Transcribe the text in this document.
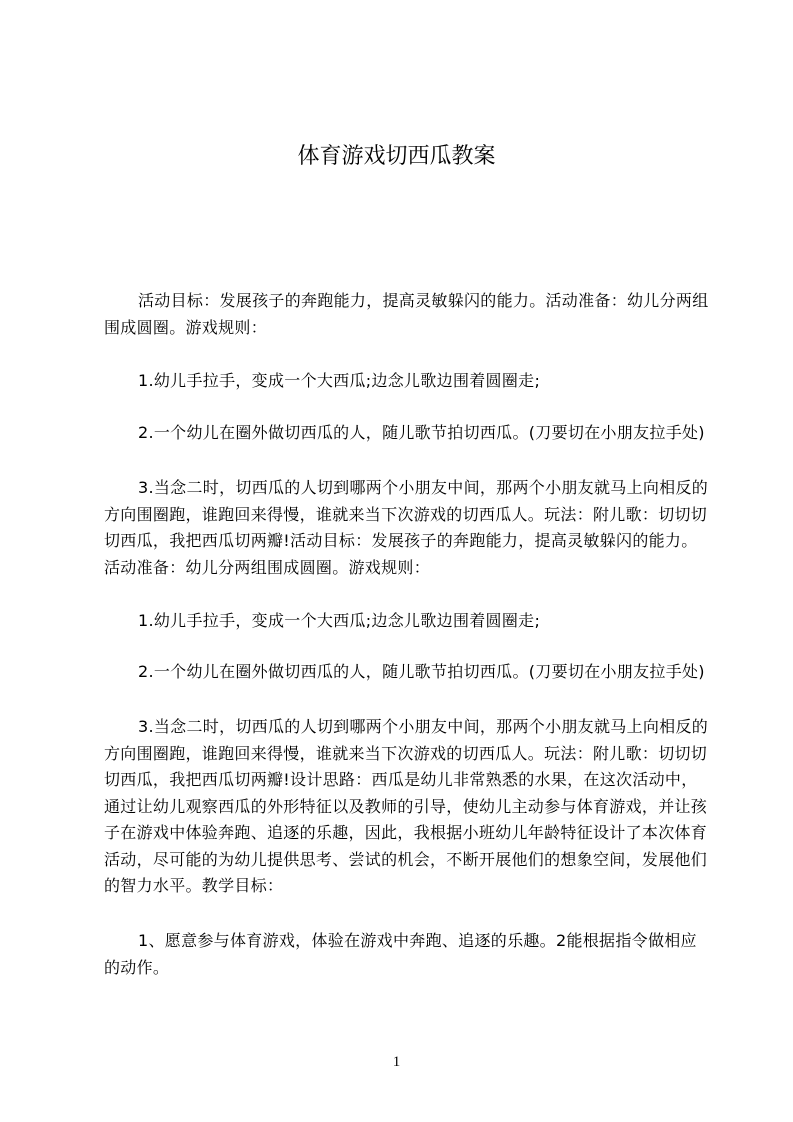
体育游戏切西瓜教案
活动目标：发展孩子的奔跑能力，提高灵敏躲闪的能力。活动准备：幼儿分两组
围成圆圈。游戏规则：
1.幼儿手拉手，变成一个大西瓜;边念儿歌边围着圆圈走;
2.一个幼儿在圈外做切西瓜的人，随儿歌节拍切西瓜。(刀要切在小朋友拉手处)
3.当念二时，切西瓜的人切到哪两个小朋友中间，那两个小朋友就马上向相反的
方向围圈跑，谁跑回来得慢，谁就来当下次游戏的切西瓜人。玩法：附儿歌：切切切
切西瓜，我把西瓜切两瓣!活动目标：发展孩子的奔跑能力，提高灵敏躲闪的能力。
活动准备：幼儿分两组围成圆圈。游戏规则：
1.幼儿手拉手，变成一个大西瓜;边念儿歌边围着圆圈走;
2.一个幼儿在圈外做切西瓜的人，随儿歌节拍切西瓜。(刀要切在小朋友拉手处)
3.当念二时，切西瓜的人切到哪两个小朋友中间，那两个小朋友就马上向相反的
方向围圈跑，谁跑回来得慢，谁就来当下次游戏的切西瓜人。玩法：附儿歌：切切切
切西瓜，我把西瓜切两瓣!设计思路：西瓜是幼儿非常熟悉的水果，在这次活动中，
通过让幼儿观察西瓜的外形特征以及教师的引导，使幼儿主动参与体育游戏，并让孩
子在游戏中体验奔跑、追逐的乐趣，因此，我根据小班幼儿年龄特征设计了本次体育
活动，尽可能的为幼儿提供思考、尝试的机会，不断开展他们的想象空间，发展他们
的智力水平。教学目标：
1、愿意参与体育游戏，体验在游戏中奔跑、追逐的乐趣。2能根据指令做相应
的动作。
1
